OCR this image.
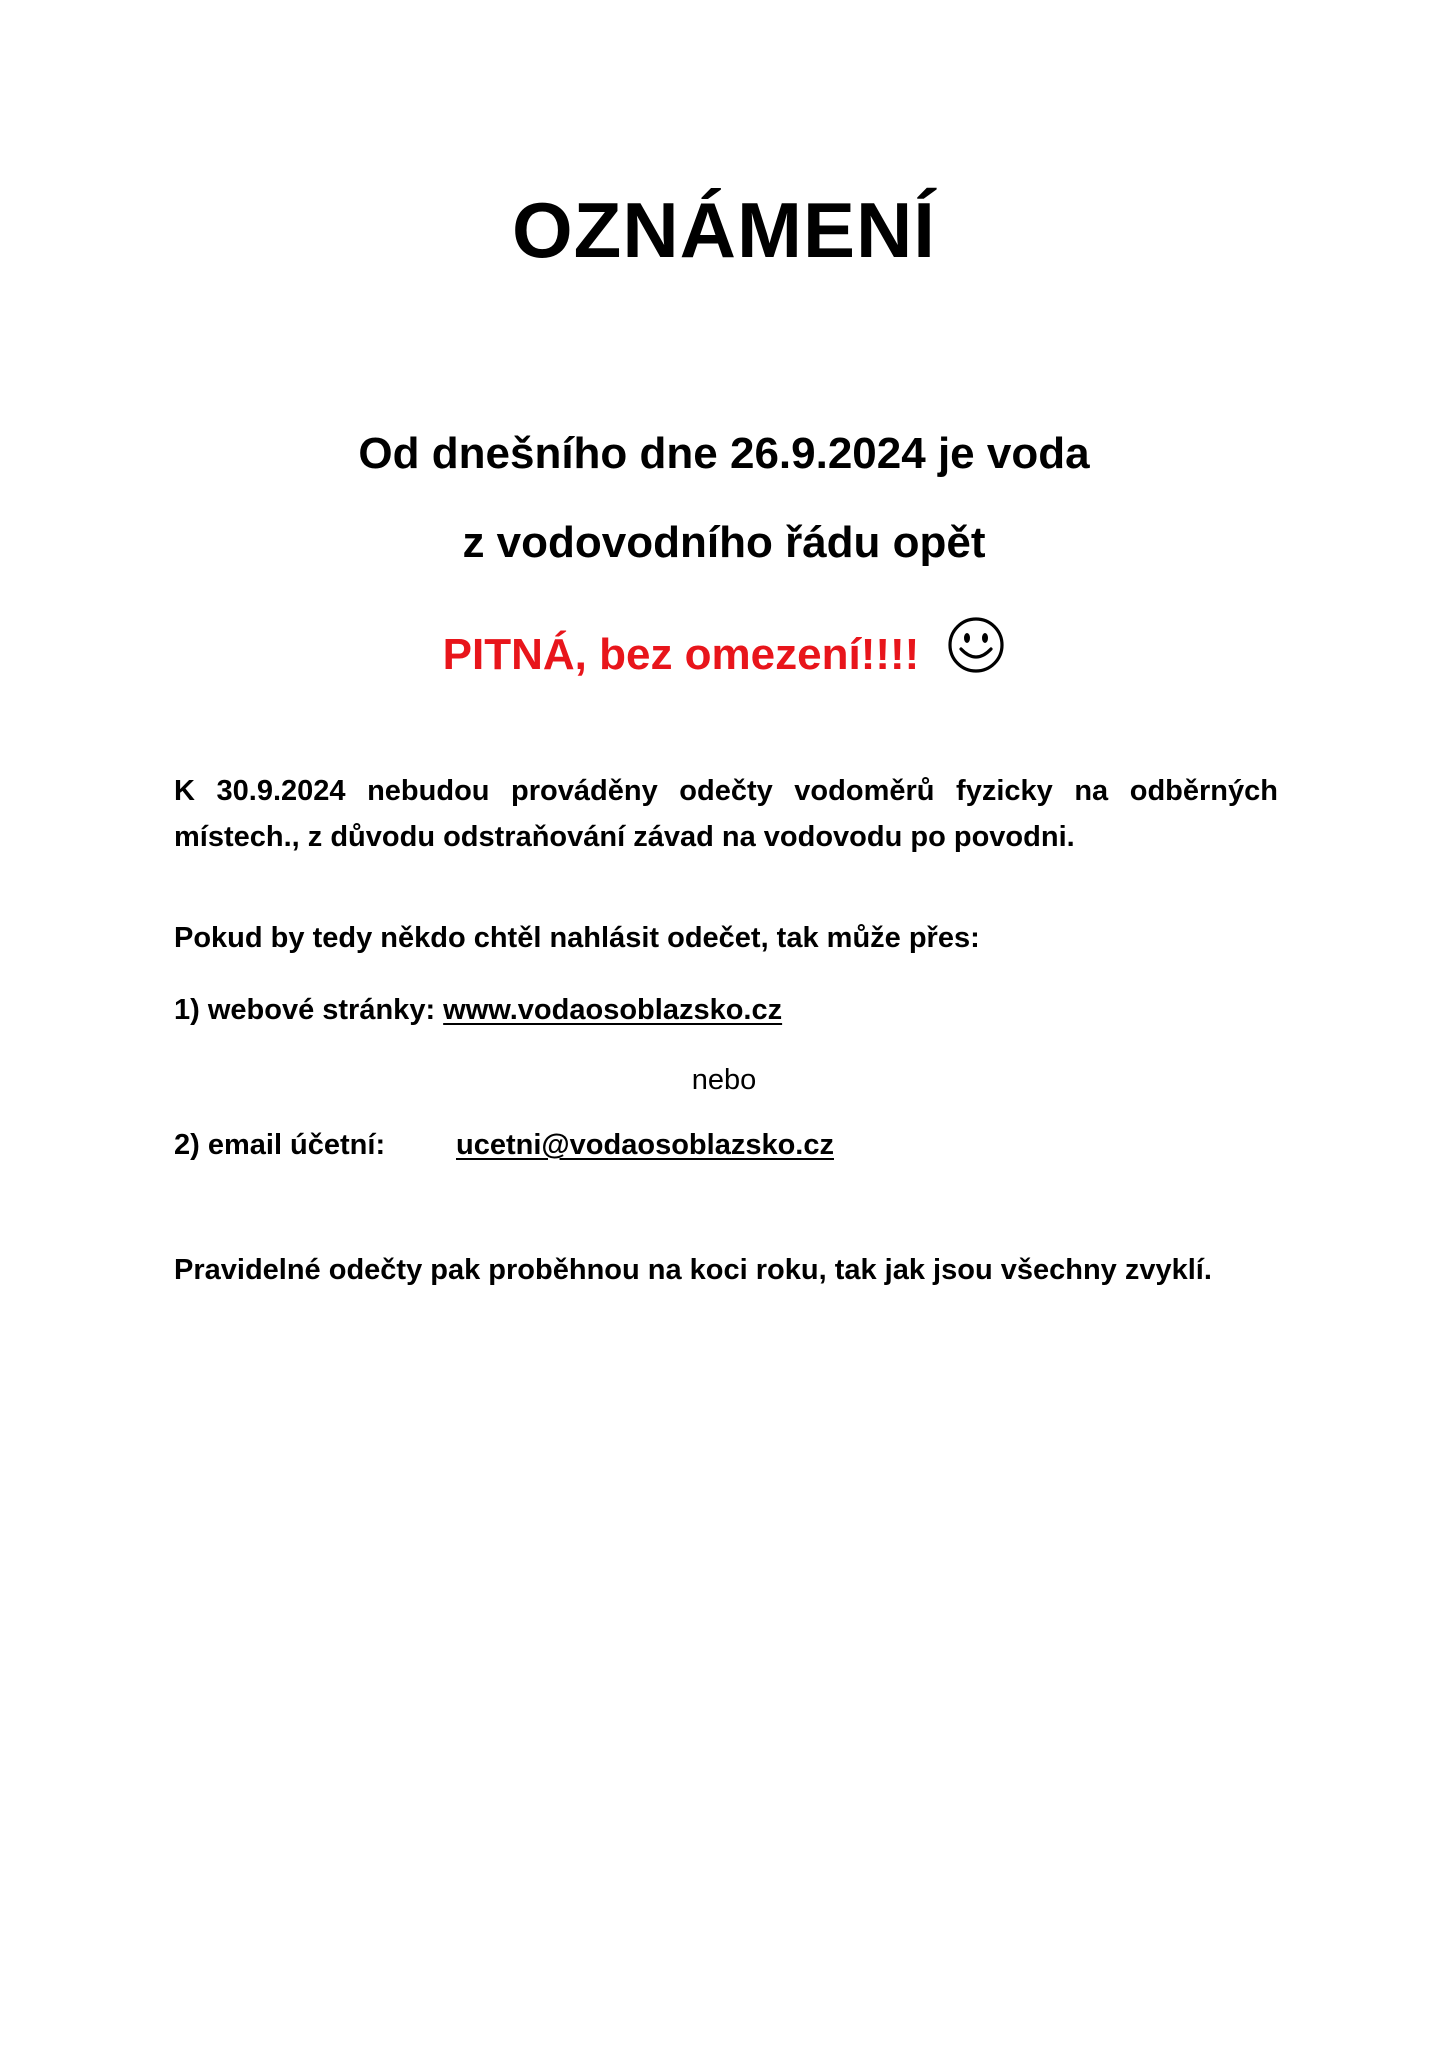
OZNÁMENÍ
Od dnešního dne 26.9.2024 je voda
z vodovodního řádu opět
PITNÁ, bez omezení!!!!
K 30.9.2024 nebudou prováděny odečty vodoměrů fyzicky na odběrných místech., z důvodu odstraňování závad na vodovodu po povodni.
Pokud by tedy někdo chtěl nahlásit odečet, tak může přes:
1) webové stránky: www.vodaosoblazsko.cz
nebo
2) email účetní: ucetni@vodaosoblazsko.cz
Pravidelné odečty pak proběhnou na koci roku, tak jak jsou všechny zvyklí.
